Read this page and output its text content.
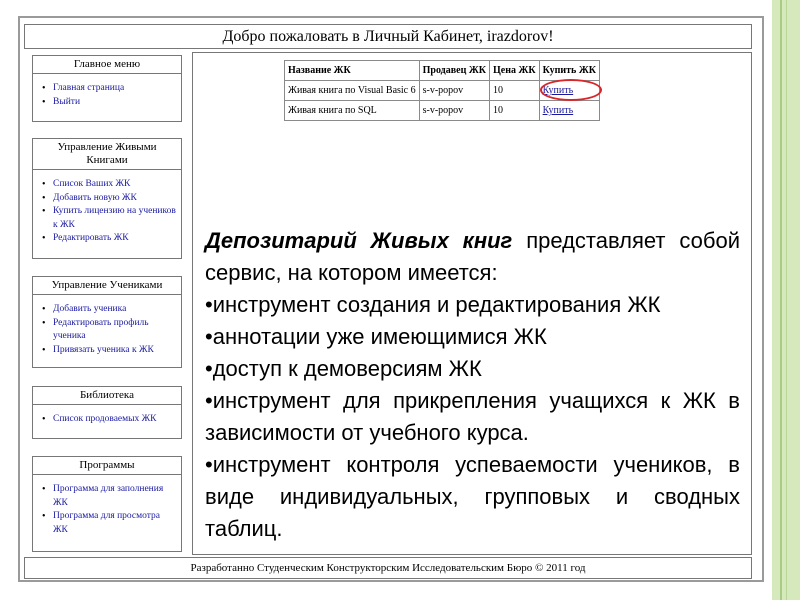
Добро пожаловать в Личный Кабинет, irazdorov!
Главное меню
• Главная страница
• Выйти
Управление Живыми Книгами
• Список Ваших ЖК
• Добавить новую ЖК
• Купить лицензию на учеников к ЖК
• Редактировать ЖК
Управление Учениками
• Добавить ученика
• Редактировать профиль ученика
• Привязать ученика к ЖК
Библиотека
• Список продоваемых ЖК
Программы
• Программа для заполнения ЖК
• Программа для просмотра ЖК
Название ЖК	Продавец ЖК	Цена ЖК	Купить ЖК
Живая книга по Visual Basic 6	s-v-popov	10	Купить

Живая книга по SQL	s-v-popov	10	Купить

Депозитарий Живых книг представляет собой сервис, на котором имеется:

•инструмент создания и редактирования ЖК

•аннотации уже имеющимися ЖК

•доступ к демоверсиям ЖК

•инструмент для прикрепления учащихся к ЖК в зависимости от учебного курса.

•инструмент контроля успеваемости учеников, в виде индивидуальных, групповых и сводных таблиц.

Разработанно Студенческим Конструкторским Исследовательским Бюро © 2011 год
